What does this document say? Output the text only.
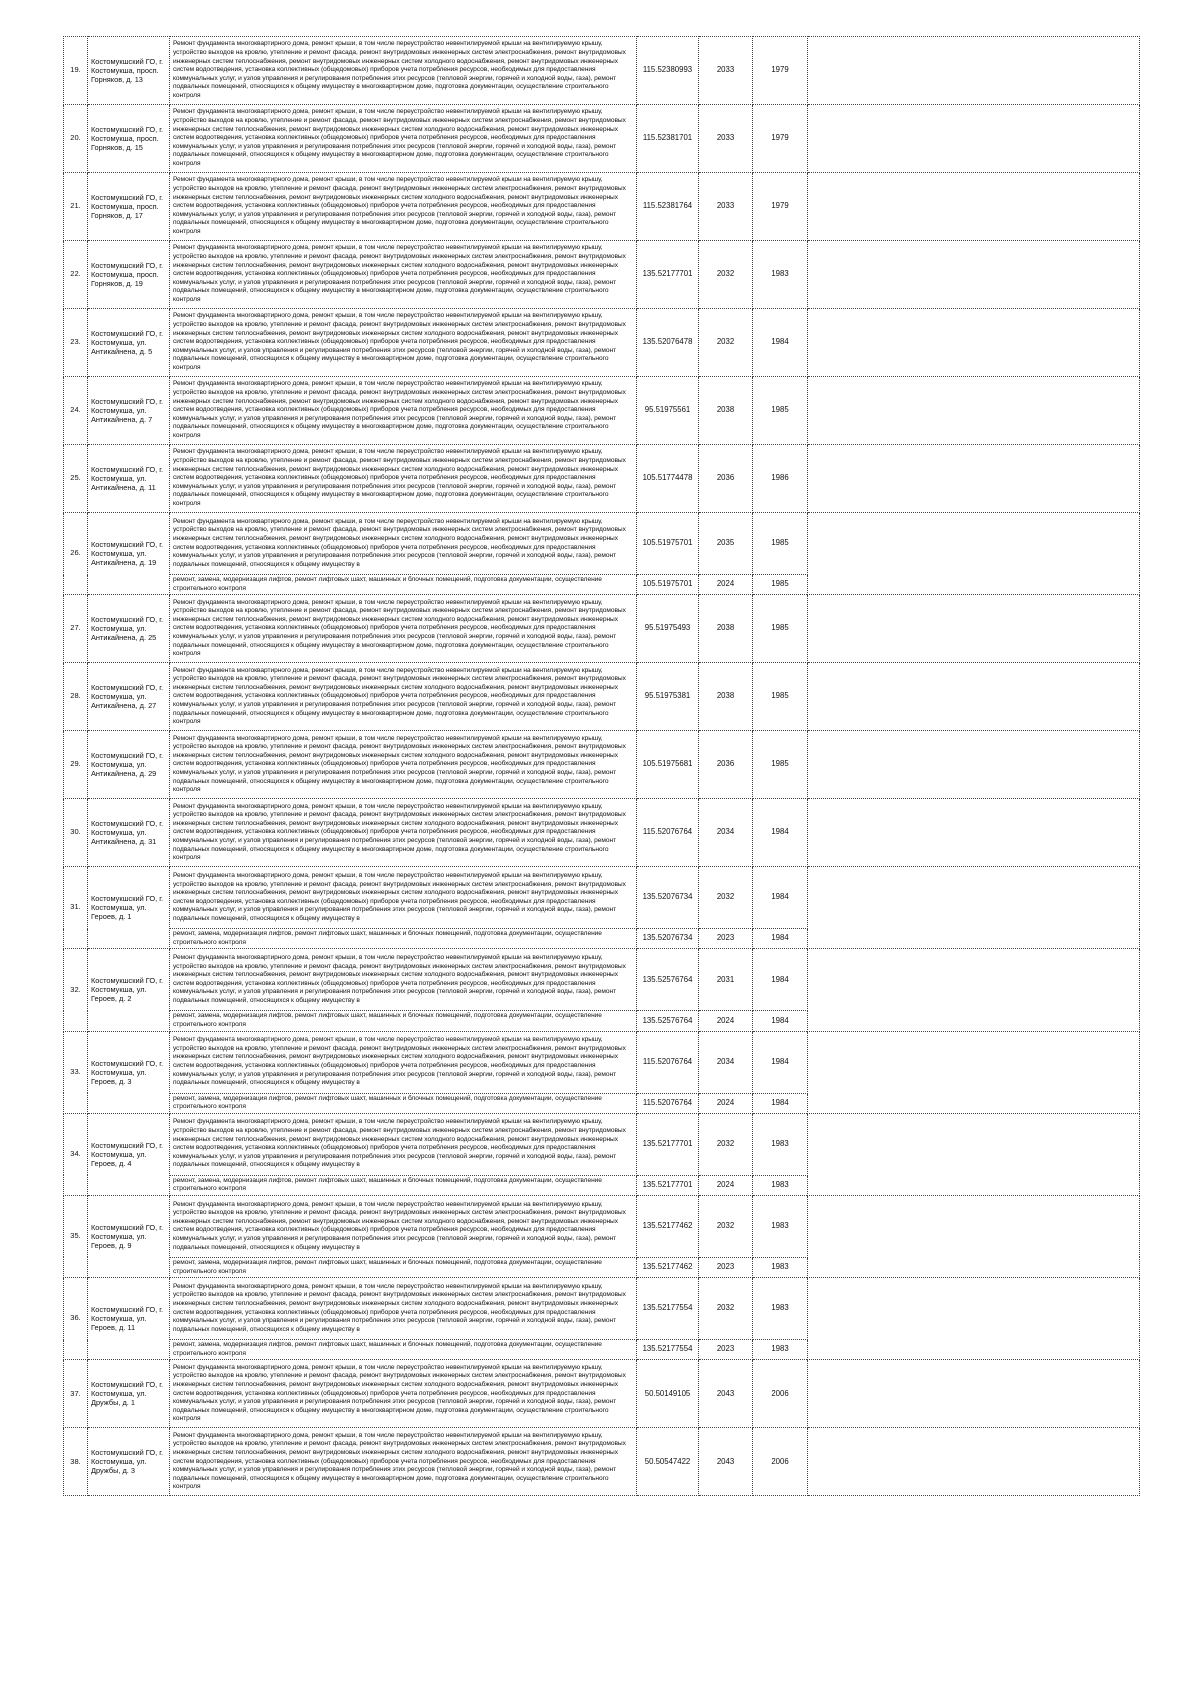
19.	Костомукшский ГО, г. Костомукша, просп. Горняков, д. 13	Ремонт фундамента многоквартирного дома, ремонт крыши, в том числе переустройство невентилируемой крыши на вентилируемую крышу, устройство выходов на кровлю, утепление и ремонт фасада, ремонт внутридомовых инженерных систем электроснабжения, ремонт внутридомовых инженерных систем теплоснабжения, ремонт внутридомовых инженерных систем холодного водоснабжения, ремонт внутридомовых инженерных систем водоотведения, установка коллективных (общедомовых) приборов учета потребления ресурсов, необходимых для предоставления коммунальных услуг, и узлов управления и регулирования потребления этих ресурсов (тепловой энергии, горячей и холодной воды, газа), ремонт подвальных помещений, относящихся к общему имуществу в многоквартирном доме, подготовка документации, осуществление строительного контроля	115.52380993	2033	1979	
20.	Костомукшский ГО, г. Костомукша, просп. Горняков, д. 15	Ремонт фундамента многоквартирного дома, ремонт крыши, в том числе переустройство невентилируемой крыши на вентилируемую крышу, устройство выходов на кровлю, утепление и ремонт фасада, ремонт внутридомовых инженерных систем электроснабжения, ремонт внутридомовых инженерных систем теплоснабжения, ремонт внутридомовых инженерных систем холодного водоснабжения, ремонт внутридомовых инженерных систем водоотведения, установка коллективных (общедомовых) приборов учета потребления ресурсов, необходимых для предоставления коммунальных услуг, и узлов управления и регулирования потребления этих ресурсов (тепловой энергии, горячей и холодной воды, газа), ремонт подвальных помещений, относящихся к общему имуществу в многоквартирном доме, подготовка документации, осуществление строительного контроля	115.52381701	2033	1979	
21.	Костомукшский ГО, г. Костомукша, просп. Горняков, д. 17	Ремонт фундамента многоквартирного дома, ремонт крыши, в том числе переустройство невентилируемой крыши на вентилируемую крышу, устройство выходов на кровлю, утепление и ремонт фасада, ремонт внутридомовых инженерных систем электроснабжения, ремонт внутридомовых инженерных систем теплоснабжения, ремонт внутридомовых инженерных систем холодного водоснабжения, ремонт внутридомовых инженерных систем водоотведения, установка коллективных (общедомовых) приборов учета потребления ресурсов, необходимых для предоставления коммунальных услуг, и узлов управления и регулирования потребления этих ресурсов (тепловой энергии, горячей и холодной воды, газа), ремонт подвальных помещений, относящихся к общему имуществу в многоквартирном доме, подготовка документации, осуществление строительного контроля	115.52381764	2033	1979	
22.	Костомукшский ГО, г. Костомукша, просп. Горняков, д. 19	Ремонт фундамента многоквартирного дома, ремонт крыши, в том числе переустройство невентилируемой крыши на вентилируемую крышу, устройство выходов на кровлю, утепление и ремонт фасада, ремонт внутридомовых инженерных систем электроснабжения, ремонт внутридомовых инженерных систем теплоснабжения, ремонт внутридомовых инженерных систем холодного водоснабжения, ремонт внутридомовых инженерных систем водоотведения, установка коллективных (общедомовых) приборов учета потребления ресурсов, необходимых для предоставления коммунальных услуг, и узлов управления и регулирования потребления этих ресурсов (тепловой энергии, горячей и холодной воды, газа), ремонт подвальных помещений, относящихся к общему имуществу в многоквартирном доме, подготовка документации, осуществление строительного контроля	135.52177701	2032	1983	
23.	Костомукшский ГО, г. Костомукша, ул. Антикайнена, д. 5	Ремонт фундамента многоквартирного дома, ремонт крыши, в том числе переустройство невентилируемой крыши на вентилируемую крышу, устройство выходов на кровлю, утепление и ремонт фасада, ремонт внутридомовых инженерных систем электроснабжения, ремонт внутридомовых инженерных систем теплоснабжения, ремонт внутридомовых инженерных систем холодного водоснабжения, ремонт внутридомовых инженерных систем водоотведения, установка коллективных (общедомовых) приборов учета потребления ресурсов, необходимых для предоставления коммунальных услуг, и узлов управления и регулирования потребления этих ресурсов (тепловой энергии, горячей и холодной воды, газа), ремонт подвальных помещений, относящихся к общему имуществу в многоквартирном доме, подготовка документации, осуществление строительного контроля	135.52076478	2032	1984	
24.	Костомукшский ГО, г. Костомукша, ул. Антикайнена, д. 7	Ремонт фундамента многоквартирного дома, ремонт крыши, в том числе переустройство невентилируемой крыши на вентилируемую крышу, устройство выходов на кровлю, утепление и ремонт фасада, ремонт внутридомовых инженерных систем электроснабжения, ремонт внутридомовых инженерных систем теплоснабжения, ремонт внутридомовых инженерных систем холодного водоснабжения, ремонт внутридомовых инженерных систем водоотведения, установка коллективных (общедомовых) приборов учета потребления ресурсов, необходимых для предоставления коммунальных услуг, и узлов управления и регулирования потребления этих ресурсов (тепловой энергии, горячей и холодной воды, газа), ремонт подвальных помещений, относящихся к общему имуществу в многоквартирном доме, подготовка документации, осуществление строительного контроля	95.51975561	2038	1985	
25.	Костомукшский ГО, г. Костомукша, ул. Антикайнена, д. 11	Ремонт фундамента многоквартирного дома, ремонт крыши, в том числе переустройство невентилируемой крыши на вентилируемую крышу, устройство выходов на кровлю, утепление и ремонт фасада, ремонт внутридомовых инженерных систем электроснабжения, ремонт внутридомовых инженерных систем теплоснабжения, ремонт внутридомовых инженерных систем холодного водоснабжения, ремонт внутридомовых инженерных систем водоотведения, установка коллективных (общедомовых) приборов учета потребления ресурсов, необходимых для предоставления коммунальных услуг, и узлов управления и регулирования потребления этих ресурсов (тепловой энергии, горячей и холодной воды, газа), ремонт подвальных помещений, относящихся к общему имуществу в многоквартирном доме, подготовка документации, осуществление строительного контроля	105.51774478	2036	1986	
26.	Костомукшский ГО, г. Костомукша, ул. Антикайнена, д. 19	Ремонт фундамента многоквартирного дома, ремонт крыши, в том числе переустройство невентилируемой крыши на вентилируемую крышу, устройство выходов на кровлю, утепление и ремонт фасада, ремонт внутридомовых инженерных систем электроснабжения, ремонт внутридомовых инженерных систем теплоснабжения, ремонт внутридомовых инженерных систем холодного водоснабжения, ремонт внутридомовых инженерных систем водоотведения, установка коллективных (общедомовых) приборов учета потребления ресурсов, необходимых для предоставления коммунальных услуг, и узлов управления и регулирования потребления этих ресурсов (тепловой энергии, горячей и холодной воды, газа), ремонт подвальных помещений, относящихся к общему имуществу в	105.51975701	2035	1985	
		ремонт, замена, модернизация лифтов, ремонт лифтовых шахт, машинных и блочных помещений, подготовка документации, осуществление строительного контроля	105.51975701	2024	1985	
27.	Костомукшский ГО, г. Костомукша, ул. Антикайнена, д. 25	Ремонт фундамента многоквартирного дома, ремонт крыши, в том числе переустройство невентилируемой крыши на вентилируемую крышу, устройство выходов на кровлю, утепление и ремонт фасада, ремонт внутридомовых инженерных систем электроснабжения, ремонт внутридомовых инженерных систем теплоснабжения, ремонт внутридомовых инженерных систем холодного водоснабжения, ремонт внутридомовых инженерных систем водоотведения, установка коллективных (общедомовых) приборов учета потребления ресурсов, необходимых для предоставления коммунальных услуг, и узлов управления и регулирования потребления этих ресурсов (тепловой энергии, горячей и холодной воды, газа), ремонт подвальных помещений, относящихся к общему имуществу в многоквартирном доме, подготовка документации, осуществление строительного контроля	95.51975493	2038	1985	
28.	Костомукшский ГО, г. Костомукша, ул. Антикайнена, д. 27	Ремонт фундамента многоквартирного дома, ремонт крыши, в том числе переустройство невентилируемой крыши на вентилируемую крышу, устройство выходов на кровлю, утепление и ремонт фасада, ремонт внутридомовых инженерных систем электроснабжения, ремонт внутридомовых инженерных систем теплоснабжения, ремонт внутридомовых инженерных систем холодного водоснабжения, ремонт внутридомовых инженерных систем водоотведения, установка коллективных (общедомовых) приборов учета потребления ресурсов, необходимых для предоставления коммунальных услуг, и узлов управления и регулирования потребления этих ресурсов (тепловой энергии, горячей и холодной воды, газа), ремонт подвальных помещений, относящихся к общему имуществу в многоквартирном доме, подготовка документации, осуществление строительного контроля	95.51975381	2038	1985	
29.	Костомукшский ГО, г. Костомукша, ул. Антикайнена, д. 29	Ремонт фундамента многоквартирного дома, ремонт крыши, в том числе переустройство невентилируемой крыши на вентилируемую крышу, устройство выходов на кровлю, утепление и ремонт фасада, ремонт внутридомовых инженерных систем электроснабжения, ремонт внутридомовых инженерных систем теплоснабжения, ремонт внутридомовых инженерных систем холодного водоснабжения, ремонт внутридомовых инженерных систем водоотведения, установка коллективных (общедомовых) приборов учета потребления ресурсов, необходимых для предоставления коммунальных услуг, и узлов управления и регулирования потребления этих ресурсов (тепловой энергии, горячей и холодной воды, газа), ремонт подвальных помещений, относящихся к общему имуществу в многоквартирном доме, подготовка документации, осуществление строительного контроля	105.51975681	2036	1985	
30.	Костомукшский ГО, г. Костомукша, ул. Антикайнена, д. 31	Ремонт фундамента многоквартирного дома, ремонт крыши, в том числе переустройство невентилируемой крыши на вентилируемую крышу, устройство выходов на кровлю, утепление и ремонт фасада, ремонт внутридомовых инженерных систем электроснабжения, ремонт внутридомовых инженерных систем теплоснабжения, ремонт внутридомовых инженерных систем холодного водоснабжения, ремонт внутридомовых инженерных систем водоотведения, установка коллективных (общедомовых) приборов учета потребления ресурсов, необходимых для предоставления коммунальных услуг, и узлов управления и регулирования потребления этих ресурсов (тепловой энергии, горячей и холодной воды, газа), ремонт подвальных помещений, относящихся к общему имуществу в многоквартирном доме, подготовка документации, осуществление строительного контроля	115.52076764	2034	1984	
31.	Костомукшский ГО, г. Костомукша, ул. Героев, д. 1	Ремонт фундамента многоквартирного дома, ремонт крыши, в том числе переустройство невентилируемой крыши на вентилируемую крышу, устройство выходов на кровлю, утепление и ремонт фасада, ремонт внутридомовых инженерных систем электроснабжения, ремонт внутридомовых инженерных систем теплоснабжения, ремонт внутридомовых инженерных систем холодного водоснабжения, ремонт внутридомовых инженерных систем водоотведения, установка коллективных (общедомовых) приборов учета потребления ресурсов, необходимых для предоставления коммунальных услуг, и узлов управления и регулирования потребления этих ресурсов (тепловой энергии, горячей и холодной воды, газа), ремонт подвальных помещений, относящихся к общему имуществу в	135.52076734	2032	1984	
		ремонт, замена, модернизация лифтов, ремонт лифтовых шахт, машинных и блочных помещений, подготовка документации, осуществление строительного контроля	135.52076734	2023	1984	
32.	Костомукшский ГО, г. Костомукша, ул. Героев, д. 2	Ремонт фундамента многоквартирного дома, ремонт крыши, в том числе переустройство невентилируемой крыши на вентилируемую крышу, устройство выходов на кровлю, утепление и ремонт фасада, ремонт внутридомовых инженерных систем электроснабжения, ремонт внутридомовых инженерных систем теплоснабжения, ремонт внутридомовых инженерных систем холодного водоснабжения, ремонт внутридомовых инженерных систем водоотведения, установка коллективных (общедомовых) приборов учета потребления ресурсов, необходимых для предоставления коммунальных услуг, и узлов управления и регулирования потребления этих ресурсов (тепловой энергии, горячей и холодной воды, газа), ремонт подвальных помещений, относящихся к общему имуществу в	135.52576764	2031	1984	
		ремонт, замена, модернизация лифтов, ремонт лифтовых шахт, машинных и блочных помещений, подготовка документации, осуществление строительного контроля	135.52576764	2024	1984	
33.	Костомукшский ГО, г. Костомукша, ул. Героев, д. 3	Ремонт фундамента многоквартирного дома, ремонт крыши, в том числе переустройство невентилируемой крыши на вентилируемую крышу, устройство выходов на кровлю, утепление и ремонт фасада, ремонт внутридомовых инженерных систем электроснабжения, ремонт внутридомовых инженерных систем теплоснабжения, ремонт внутридомовых инженерных систем холодного водоснабжения, ремонт внутридомовых инженерных систем водоотведения, установка коллективных (общедомовых) приборов учета потребления ресурсов, необходимых для предоставления коммунальных услуг, и узлов управления и регулирования потребления этих ресурсов (тепловой энергии, горячей и холодной воды, газа), ремонт подвальных помещений, относящихся к общему имуществу в	115.52076764	2034	1984	
		ремонт, замена, модернизация лифтов, ремонт лифтовых шахт, машинных и блочных помещений, подготовка документации, осуществление строительного контроля	115.52076764	2024	1984	
34.	Костомукшский ГО, г. Костомукша, ул. Героев, д. 4	Ремонт фундамента многоквартирного дома, ремонт крыши, в том числе переустройство невентилируемой крыши на вентилируемую крышу, устройство выходов на кровлю, утепление и ремонт фасада, ремонт внутридомовых инженерных систем электроснабжения, ремонт внутридомовых инженерных систем теплоснабжения, ремонт внутридомовых инженерных систем холодного водоснабжения, ремонт внутридомовых инженерных систем водоотведения, установка коллективных (общедомовых) приборов учета потребления ресурсов, необходимых для предоставления коммунальных услуг, и узлов управления и регулирования потребления этих ресурсов (тепловой энергии, горячей и холодной воды, газа), ремонт подвальных помещений, относящихся к общему имуществу в	135.52177701	2032	1983	
		ремонт, замена, модернизация лифтов, ремонт лифтовых шахт, машинных и блочных помещений, подготовка документации, осуществление строительного контроля	135.52177701	2024	1983	
35.	Костомукшский ГО, г. Костомукша, ул. Героев, д. 9	Ремонт фундамента многоквартирного дома, ремонт крыши, в том числе переустройство невентилируемой крыши на вентилируемую крышу, устройство выходов на кровлю, утепление и ремонт фасада, ремонт внутридомовых инженерных систем электроснабжения, ремонт внутридомовых инженерных систем теплоснабжения, ремонт внутридомовых инженерных систем холодного водоснабжения, ремонт внутридомовых инженерных систем водоотведения, установка коллективных (общедомовых) приборов учета потребления ресурсов, необходимых для предоставления коммунальных услуг, и узлов управления и регулирования потребления этих ресурсов (тепловой энергии, горячей и холодной воды, газа), ремонт подвальных помещений, относящихся к общему имуществу в	135.52177462	2032	1983	
		ремонт, замена, модернизация лифтов, ремонт лифтовых шахт, машинных и блочных помещений, подготовка документации, осуществление строительного контроля	135.52177462	2023	1983	
36.	Костомукшский ГО, г. Костомукша, ул. Героев, д. 11	Ремонт фундамента многоквартирного дома, ремонт крыши, в том числе переустройство невентилируемой крыши на вентилируемую крышу, устройство выходов на кровлю, утепление и ремонт фасада, ремонт внутридомовых инженерных систем электроснабжения, ремонт внутридомовых инженерных систем теплоснабжения, ремонт внутридомовых инженерных систем холодного водоснабжения, ремонт внутридомовых инженерных систем водоотведения, установка коллективных (общедомовых) приборов учета потребления ресурсов, необходимых для предоставления коммунальных услуг, и узлов управления и регулирования потребления этих ресурсов (тепловой энергии, горячей и холодной воды, газа), ремонт подвальных помещений, относящихся к общему имуществу в	135.52177554	2032	1983	
		ремонт, замена, модернизация лифтов, ремонт лифтовых шахт, машинных и блочных помещений, подготовка документации, осуществление строительного контроля	135.52177554	2023	1983	
37.	Костомукшский ГО, г. Костомукша, ул. Дружбы, д. 1	Ремонт фундамента многоквартирного дома, ремонт крыши, в том числе переустройство невентилируемой крыши на вентилируемую крышу, устройство выходов на кровлю, утепление и ремонт фасада, ремонт внутридомовых инженерных систем электроснабжения, ремонт внутридомовых инженерных систем теплоснабжения, ремонт внутридомовых инженерных систем холодного водоснабжения, ремонт внутридомовых инженерных систем водоотведения, установка коллективных (общедомовых) приборов учета потребления ресурсов, необходимых для предоставления коммунальных услуг, и узлов управления и регулирования потребления этих ресурсов (тепловой энергии, горячей и холодной воды, газа), ремонт подвальных помещений, относящихся к общему имуществу в многоквартирном доме, подготовка документации, осуществление строительного контроля	50.50149105	2043	2006	
38.	Костомукшский ГО, г. Костомукша, ул. Дружбы, д. 3	Ремонт фундамента многоквартирного дома, ремонт крыши, в том числе переустройство невентилируемой крыши на вентилируемую крышу, устройство выходов на кровлю, утепление и ремонт фасада, ремонт внутридомовых инженерных систем электроснабжения, ремонт внутридомовых инженерных систем теплоснабжения, ремонт внутридомовых инженерных систем холодного водоснабжения, ремонт внутридомовых инженерных систем водоотведения, установка коллективных (общедомовых) приборов учета потребления ресурсов, необходимых для предоставления коммунальных услуг, и узлов управления и регулирования потребления этих ресурсов (тепловой энергии, горячей и холодной воды, газа), ремонт подвальных помещений, относящихся к общему имуществу в многоквартирном доме, подготовка документации, осуществление строительного контроля	50.50547422	2043	2006	
